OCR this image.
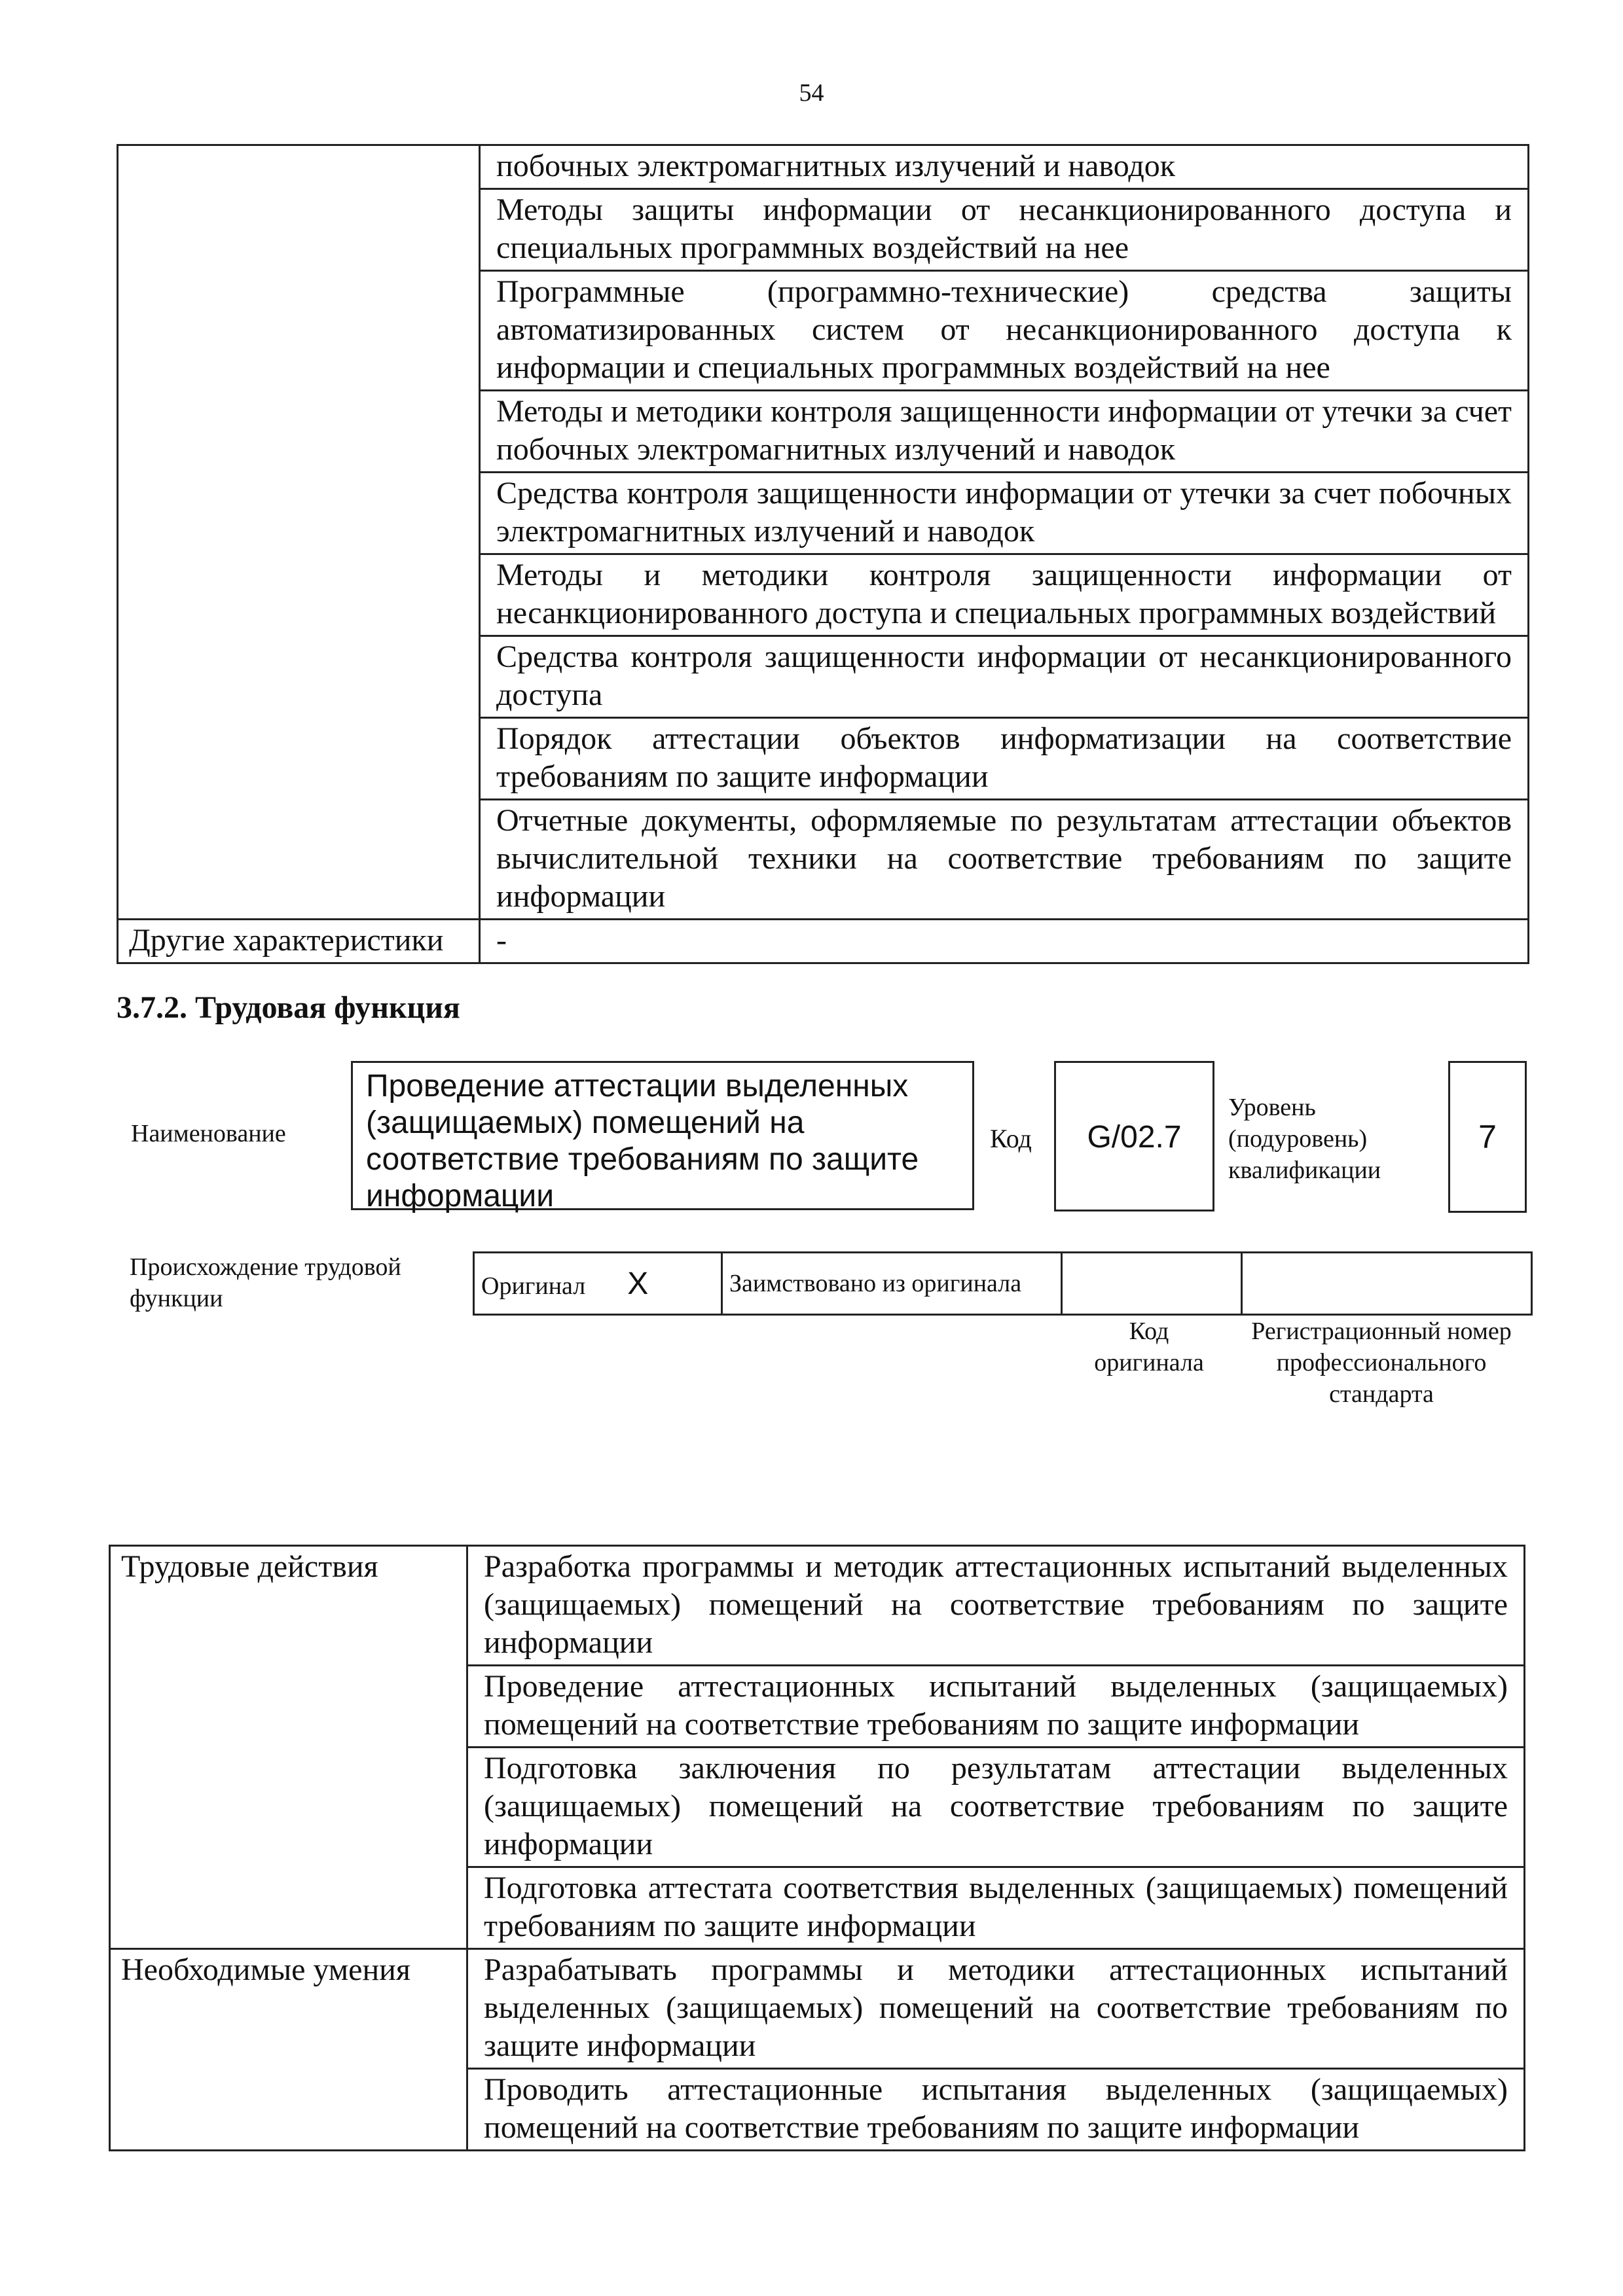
54
	побочных электромагнитных излучений и наводок
	Методы защиты информации от несанкционированного доступа и специальных программных воздействий на нее
	Программные (программно-технические) средства защиты автоматизированных систем от несанкционированного доступа к информации и специальных программных воздействий на нее
	Методы и методики контроля защищенности информации от утечки за счет побочных электромагнитных излучений и наводок
	Средства контроля защищенности информации от утечки за счет побочных электромагнитных излучений и наводок
	Методы и методики контроля защищенности информации от несанкционированного доступа и специальных программных воздействий
	Средства контроля защищенности информации от несанкционированного доступа
	Порядок аттестации объектов информатизации на соответствие требованиям по защите информации
	Отчетные документы, оформляемые по результатам аттестации объектов вычислительной техники на соответствие требованиям по защите информации
Другие характеристики	-
3.7.2. Трудовая функция
Наименование
Проведение аттестации выделенных (защищаемых) помещений на соответствие требованиям по защите информации
Код	G/02.7
Уровень
(подуровень)
квалификации
7
Происхождение трудовой функции	Оригинал X	Заимствовано из оригинала		
Код оригинала
Регистрационный номер профессионального стандарта
Трудовые действия	Разработка программы и методик аттестационных испытаний выделенных (защищаемых) помещений на соответствие требованиям по защите информации
	Проведение аттестационных испытаний выделенных (защищаемых) помещений на соответствие требованиям по защите информации
	Подготовка заключения по результатам аттестации выделенных (защищаемых) помещений на соответствие требованиям по защите информации
	Подготовка аттестата соответствия выделенных (защищаемых) помещений требованиям по защите информации
Необходимые умения	Разрабатывать программы и методики аттестационных испытаний выделенных (защищаемых) помещений на соответствие требованиям по защите информации
	Проводить аттестационные испытания выделенных (защищаемых) помещений на соответствие требованиям по защите информации
